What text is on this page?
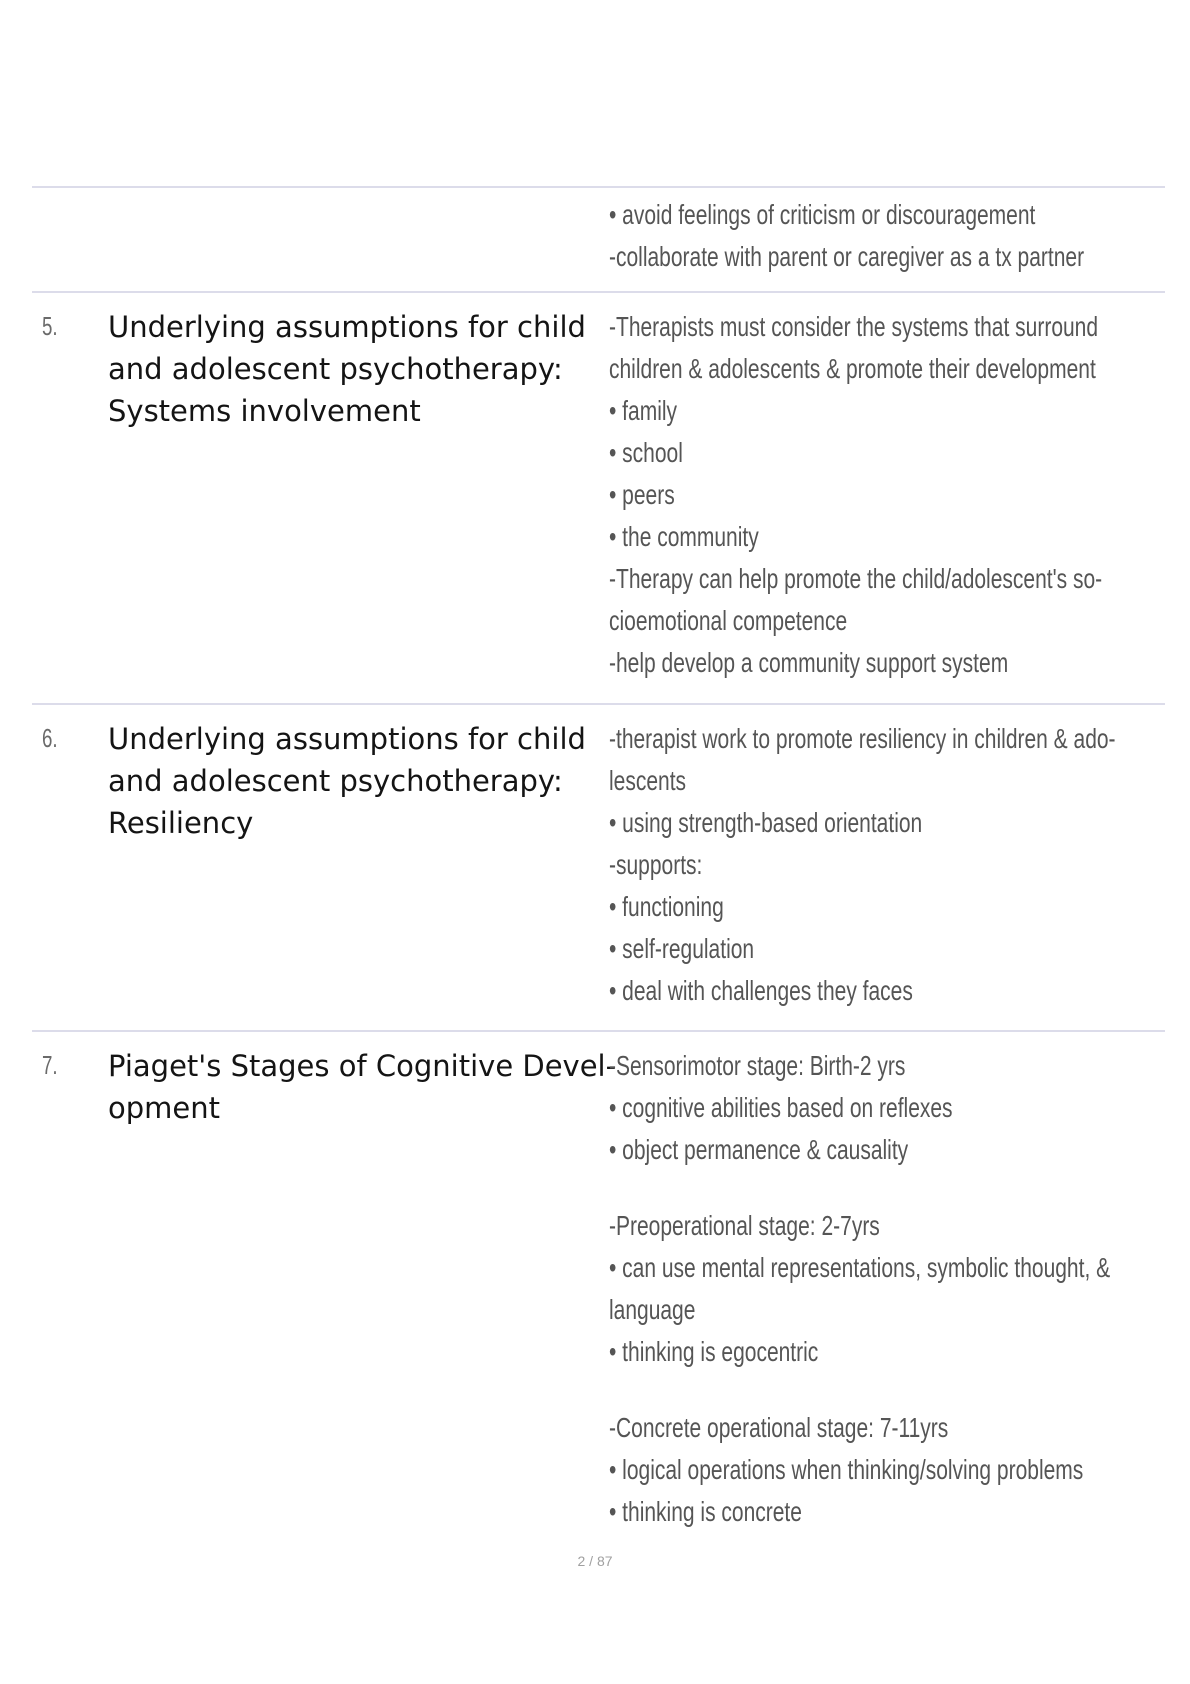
• avoid feelings of criticism or discouragement
-collaborate with parent or caregiver as a tx partner
5. Underlying assumptions for child and adolescent psychotherapy: Systems involvement
-Therapists must consider the systems that surround
children & adolescents & promote their development
• family
• school
• peers
• the community
-Therapy can help promote the child/adolescent's so-
cioemotional competence
-help develop a community support system
6. Underlying assumptions for child and adolescent psychotherapy: Resiliency
-therapist work to promote resiliency in children & ado-
lescents
• using strength-based orientation
-supports:
• functioning
• self-regulation
• deal with challenges they faces
7. Piaget's Stages of Cognitive Devel- opment
-Sensorimotor stage: Birth-2 yrs
• cognitive abilities based on reflexes
• object permanence & causality
-Preoperational stage: 2-7yrs
• can use mental representations, symbolic thought, &
language
• thinking is egocentric
-Concrete operational stage: 7-11yrs
• logical operations when thinking/solving problems
• thinking is concrete
2 / 87
